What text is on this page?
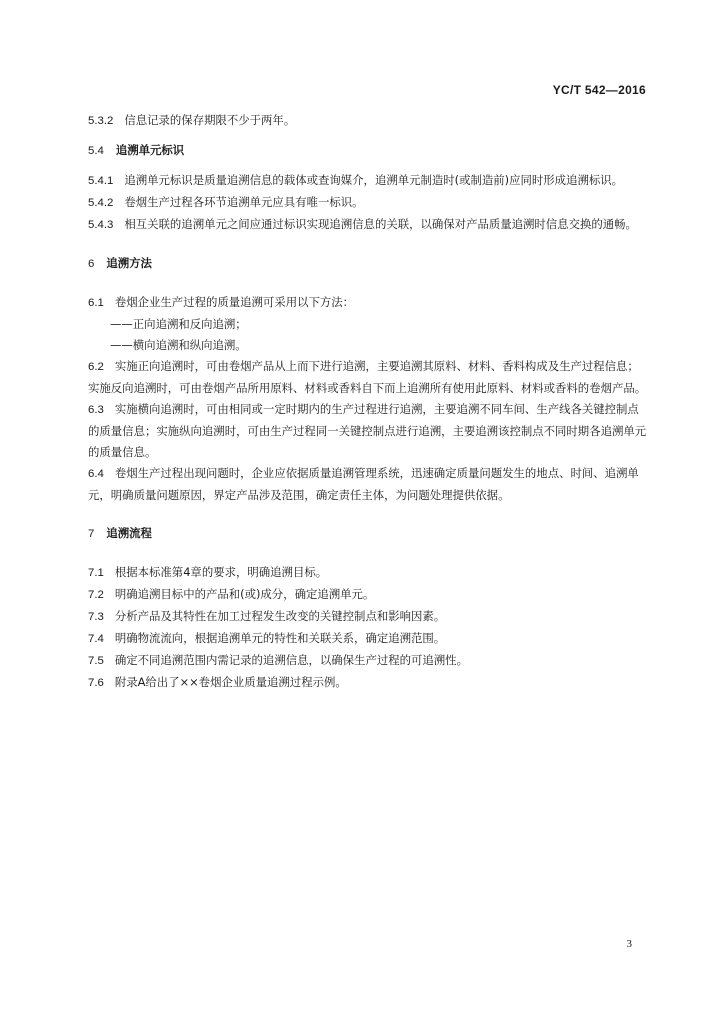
YC/T 542—2016

5.3.2 信息记录的保存期限不少于两年。

5.4 追溯单元标识

5.4.1 追溯单元标识是质量追溯信息的载体或查询媒介，追溯单元制造时(或制造前)应同时形成追溯标识。

5.4.2 卷烟生产过程各环节追溯单元应具有唯一标识。

5.4.3 相互关联的追溯单元之间应通过标识实现追溯信息的关联，以确保对产品质量追溯时信息交换的通畅。

6 追溯方法

6.1 卷烟企业生产过程的质量追溯可采用以下方法：

——正向追溯和反向追溯；

——横向追溯和纵向追溯。

6.2 实施正向追溯时，可由卷烟产品从上而下进行追溯，主要追溯其原料、材料、香料构成及生产过程信息；实施反向追溯时，可由卷烟产品所用原料、材料或香料自下而上追溯所有使用此原料、材料或香料的卷烟产品。

6.3 实施横向追溯时，可由相同或一定时期内的生产过程进行追溯，主要追溯不同车间、生产线各关键控制点的质量信息；实施纵向追溯时，可由生产过程同一关键控制点进行追溯，主要追溯该控制点不同时期各追溯单元的质量信息。

6.4 卷烟生产过程出现问题时，企业应依据质量追溯管理系统，迅速确定质量问题发生的地点、时间、追溯单元，明确质量问题原因，界定产品涉及范围，确定责任主体，为问题处理提供依据。

7 追溯流程

7.1 根据本标准第4章的要求，明确追溯目标。

7.2 明确追溯目标中的产品和(或)成分，确定追溯单元。

7.3 分析产品及其特性在加工过程发生改变的关键控制点和影响因素。

7.4 明确物流流向，根据追溯单元的特性和关联关系，确定追溯范围。

7.5 确定不同追溯范围内需记录的追溯信息，以确保生产过程的可追溯性。

7.6 附录A给出了××卷烟企业质量追溯过程示例。

3
